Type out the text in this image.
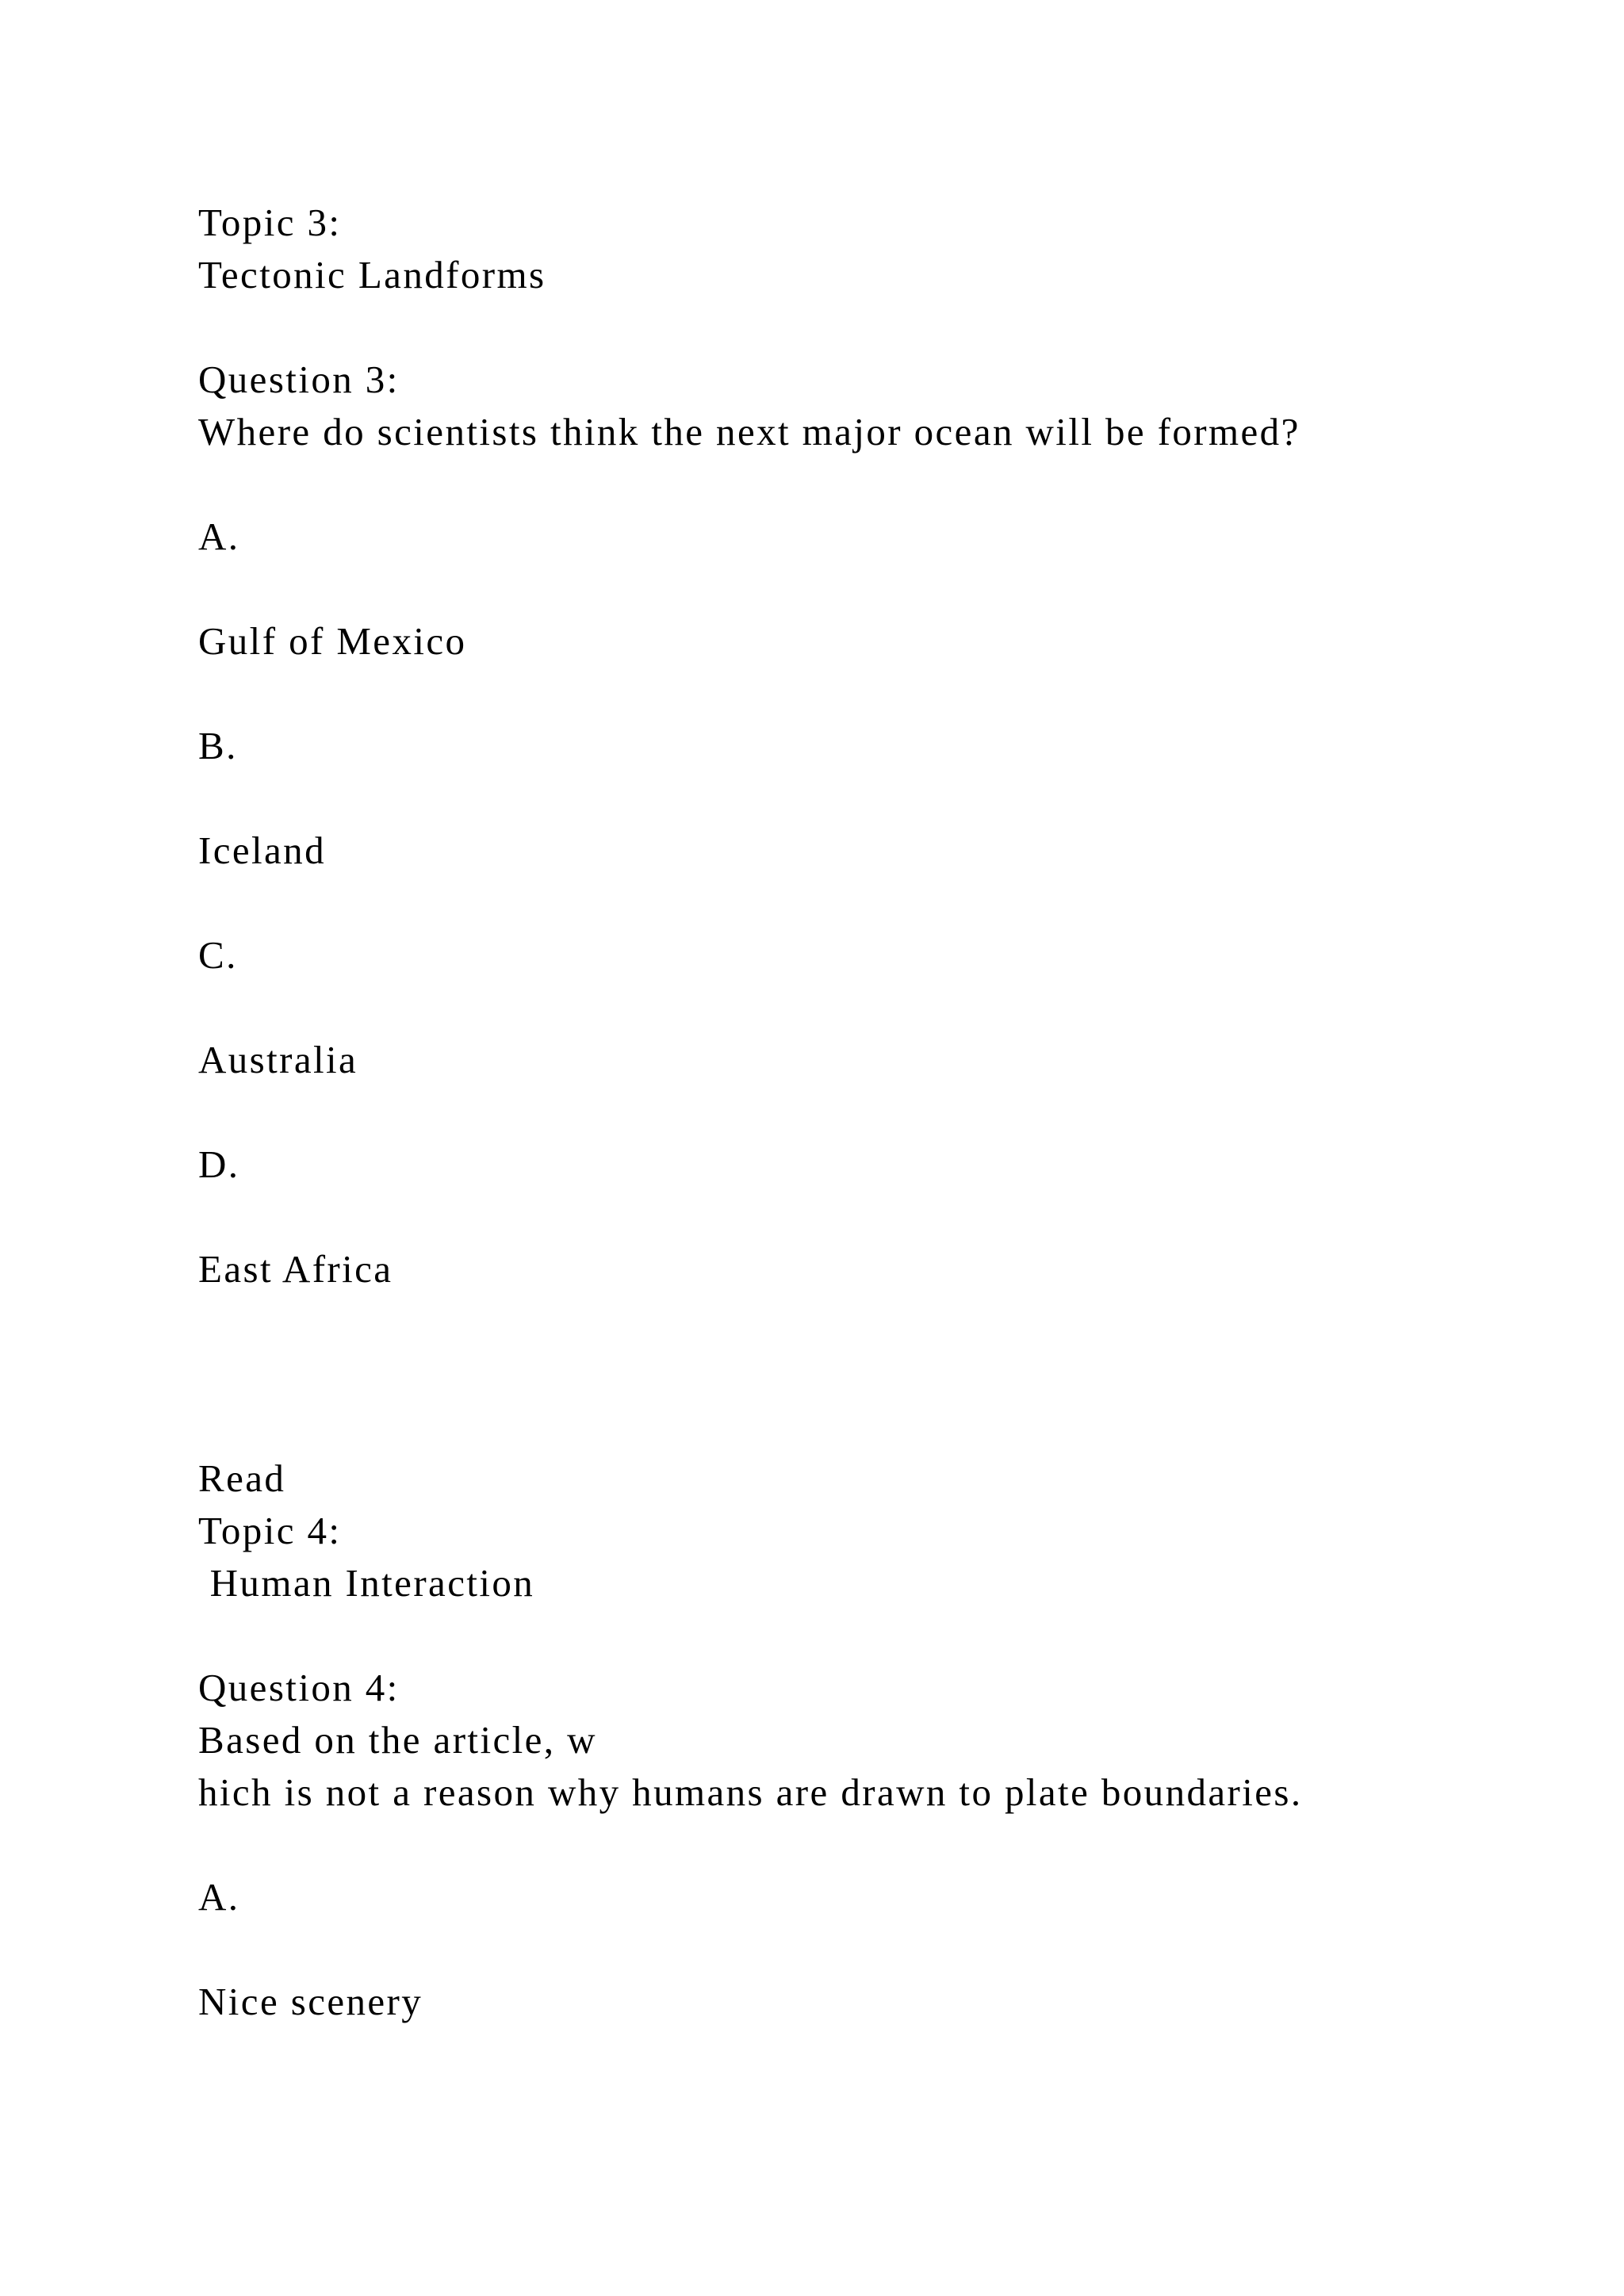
Topic 3:

Tectonic Landforms

Question 3:

Where do scientists think the next major ocean will be formed?

A.

Gulf of Mexico

B.

Iceland

C.

Australia

D.

East Africa

Read

Topic 4:

Human Interaction

Question 4:

Based on the article, w

hich is not a reason why humans are drawn to plate boundaries.

A.

Nice scenery
